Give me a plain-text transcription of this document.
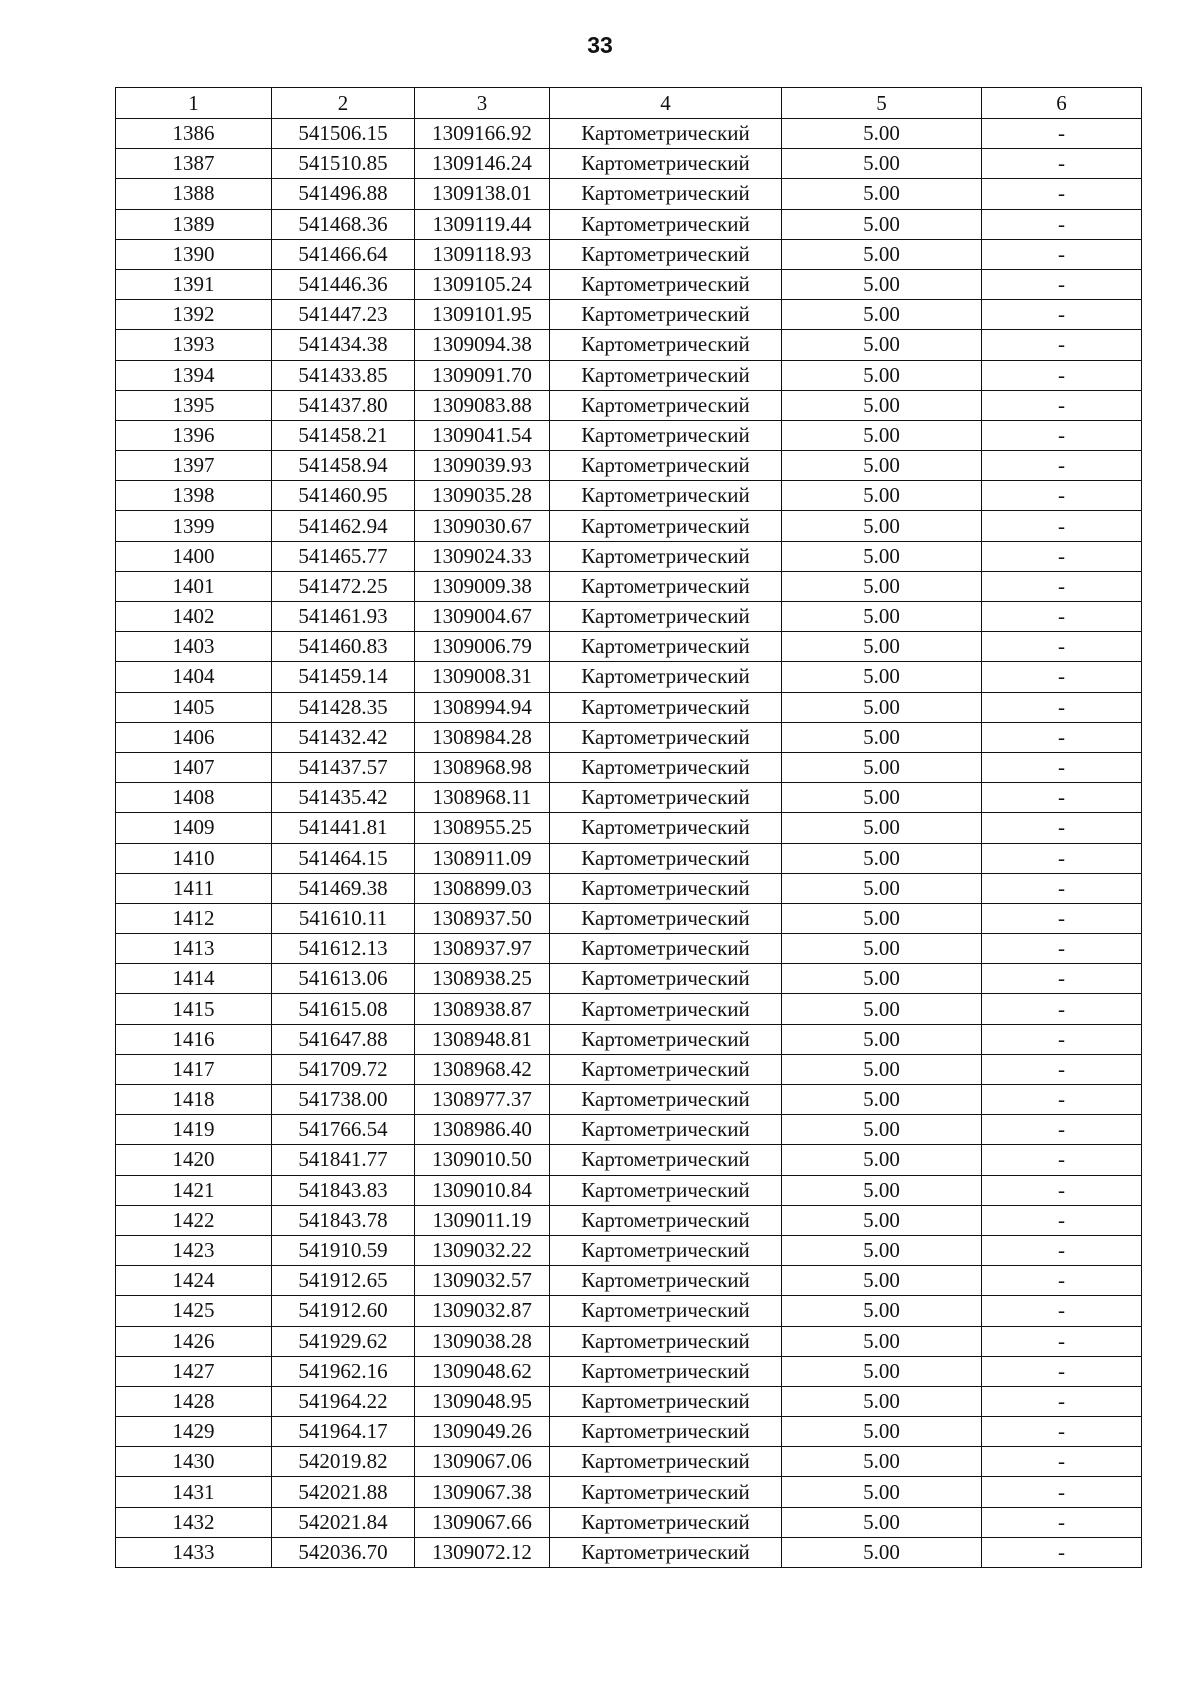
33
1	2	3	4	5	6
1386	541506.15	1309166.92	Картометрический	5.00	-
1387	541510.85	1309146.24	Картометрический	5.00	-
1388	541496.88	1309138.01	Картометрический	5.00	-
1389	541468.36	1309119.44	Картометрический	5.00	-
1390	541466.64	1309118.93	Картометрический	5.00	-
1391	541446.36	1309105.24	Картометрический	5.00	-
1392	541447.23	1309101.95	Картометрический	5.00	-
1393	541434.38	1309094.38	Картометрический	5.00	-
1394	541433.85	1309091.70	Картометрический	5.00	-
1395	541437.80	1309083.88	Картометрический	5.00	-
1396	541458.21	1309041.54	Картометрический	5.00	-
1397	541458.94	1309039.93	Картометрический	5.00	-
1398	541460.95	1309035.28	Картометрический	5.00	-
1399	541462.94	1309030.67	Картометрический	5.00	-
1400	541465.77	1309024.33	Картометрический	5.00	-
1401	541472.25	1309009.38	Картометрический	5.00	-
1402	541461.93	1309004.67	Картометрический	5.00	-
1403	541460.83	1309006.79	Картометрический	5.00	-
1404	541459.14	1309008.31	Картометрический	5.00	-
1405	541428.35	1308994.94	Картометрический	5.00	-
1406	541432.42	1308984.28	Картометрический	5.00	-
1407	541437.57	1308968.98	Картометрический	5.00	-
1408	541435.42	1308968.11	Картометрический	5.00	-
1409	541441.81	1308955.25	Картометрический	5.00	-
1410	541464.15	1308911.09	Картометрический	5.00	-
1411	541469.38	1308899.03	Картометрический	5.00	-
1412	541610.11	1308937.50	Картометрический	5.00	-
1413	541612.13	1308937.97	Картометрический	5.00	-
1414	541613.06	1308938.25	Картометрический	5.00	-
1415	541615.08	1308938.87	Картометрический	5.00	-
1416	541647.88	1308948.81	Картометрический	5.00	-
1417	541709.72	1308968.42	Картометрический	5.00	-
1418	541738.00	1308977.37	Картометрический	5.00	-
1419	541766.54	1308986.40	Картометрический	5.00	-
1420	541841.77	1309010.50	Картометрический	5.00	-
1421	541843.83	1309010.84	Картометрический	5.00	-
1422	541843.78	1309011.19	Картометрический	5.00	-
1423	541910.59	1309032.22	Картометрический	5.00	-
1424	541912.65	1309032.57	Картометрический	5.00	-
1425	541912.60	1309032.87	Картометрический	5.00	-
1426	541929.62	1309038.28	Картометрический	5.00	-
1427	541962.16	1309048.62	Картометрический	5.00	-
1428	541964.22	1309048.95	Картометрический	5.00	-
1429	541964.17	1309049.26	Картометрический	5.00	-
1430	542019.82	1309067.06	Картометрический	5.00	-
1431	542021.88	1309067.38	Картометрический	5.00	-
1432	542021.84	1309067.66	Картометрический	5.00	-
1433	542036.70	1309072.12	Картометрический	5.00	-
